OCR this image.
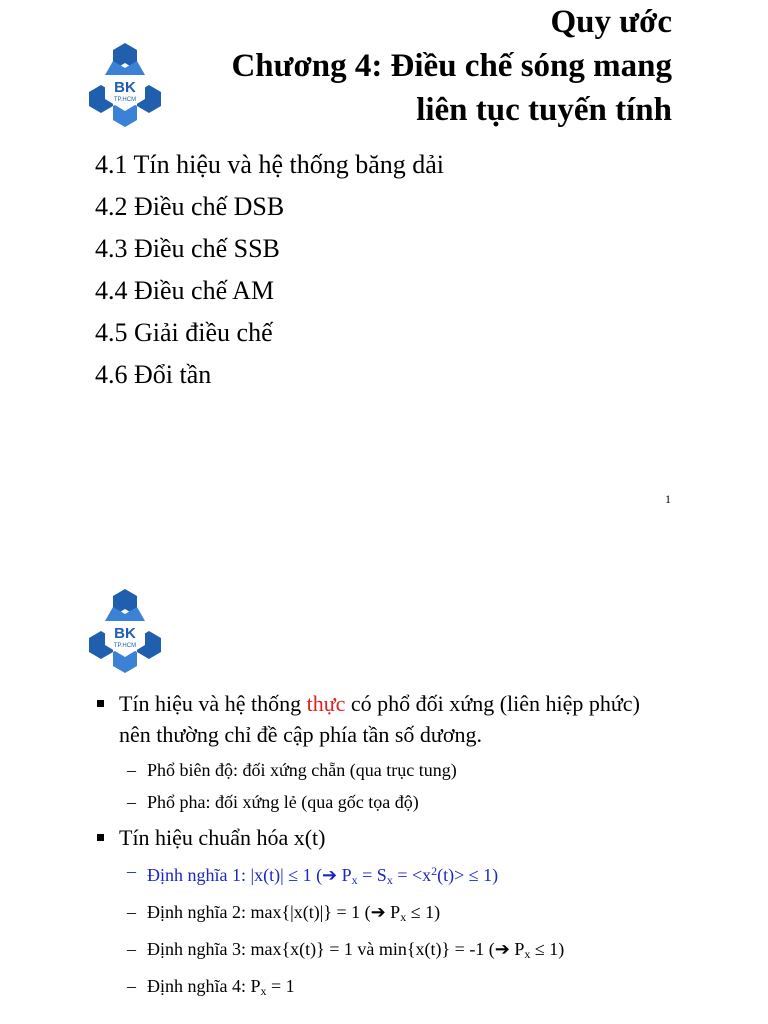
BK
TP.HCM
Chương 4: Điều chế sóng mang
liên tục tuyến tính
4.1 Tín hiệu và hệ thống băng dải
4.2 Điều chế DSB
4.3 Điều chế SSB
4.4 Điều chế AM
4.5 Giải điều chế
4.6 Đổi tần
1
BK
TP.HCM
Quy ước
Tín hiệu và hệ thống thực có phổ đối xứng (liên hiệp phức) nên thường chỉ đề cập phía tần số dương.
– Phổ biên độ: đối xứng chẵn (qua trục tung)
– Phổ pha: đối xứng lẻ (qua gốc tọa độ)
Tín hiệu chuẩn hóa x(t)
– Định nghĩa 1: |x(t)| ≤ 1 (➔ $P_x = S_x = <x^2(t)> \le 1$)
– Định nghĩa 2: max{|x(t)|} = 1 (➔ $P_x \le 1$)
– Định nghĩa 3: max{x(t)} = 1 và min{x(t)} = -1 (➔ $P_x \le 1$)
– Định nghĩa 4: $P_x = 1$
